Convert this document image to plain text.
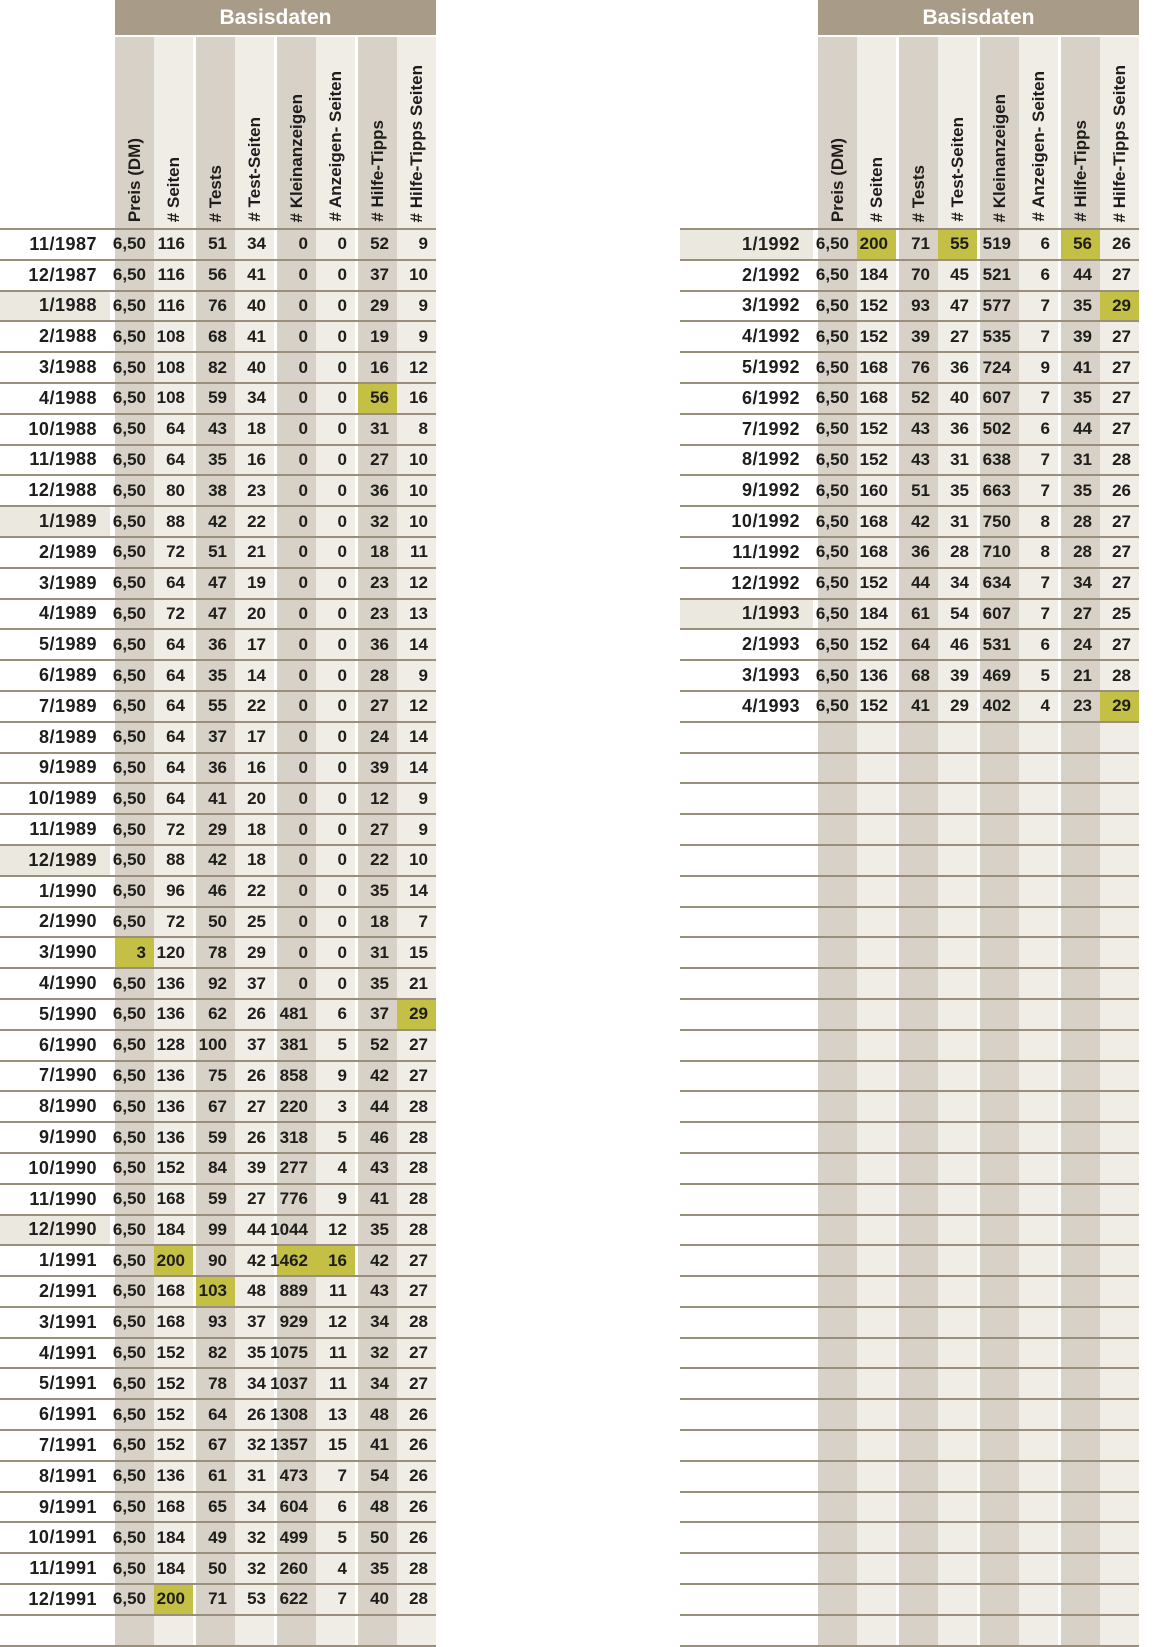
Basisdaten
Preis (DM) # Seiten # Tests # Test-Seiten # Kleinanzeigen # Anzeigen- Seiten # Hilfe-Tipps # Hilfe-Tipps Seiten
11/1987 6,50 116 51 34 0 0 52 9
12/1987 6,50 116 56 41 0 0 37 10
1/1988 6,50 116 76 40 0 0 29 9
2/1988 6,50 108 68 41 0 0 19 9
3/1988 6,50 108 82 40 0 0 16 12
4/1988 6,50 108 59 34 0 0 56 16
10/1988 6,50 64 43 18 0 0 31 8
11/1988 6,50 64 35 16 0 0 27 10
12/1988 6,50 80 38 23 0 0 36 10
1/1989 6,50 88 42 22 0 0 32 10
2/1989 6,50 72 51 21 0 0 18 11
3/1989 6,50 64 47 19 0 0 23 12
4/1989 6,50 72 47 20 0 0 23 13
5/1989 6,50 64 36 17 0 0 36 14
6/1989 6,50 64 35 14 0 0 28 9
7/1989 6,50 64 55 22 0 0 27 12
8/1989 6,50 64 37 17 0 0 24 14
9/1989 6,50 64 36 16 0 0 39 14
10/1989 6,50 64 41 20 0 0 12 9
11/1989 6,50 72 29 18 0 0 27 9
12/1989 6,50 88 42 18 0 0 22 10
1/1990 6,50 96 46 22 0 0 35 14
2/1990 6,50 72 50 25 0 0 18 7
3/1990	3 120 78 29 0 0 31 15
4/1990 6,50 136 92 37 0 0 35 21
5/1990 6,50 136 62 26 481 6 37 29
6/1990 6,50 128 100 37 381 5 52 27
7/1990 6,50 136 75 26 858 9 42 27
8/1990 6,50 136 67 27 220 3 44 28
9/1990 6,50 136 59 26 318 5 46 28
10/1990 6,50 152 84 39 277 4 43 28
11/1990 6,50 168 59 27 776 9 41 28
12/1990 6,50 184 99 44 1044 12 35 28
1/1991 6,50 200 90 42 1462 16 42 27
2/1991 6,50 168 103 48 889 11 43 27
3/1991 6,50 168 93 37 929 12 34 28
4/1991 6,50 152 82 35 1075 11 32 27
5/1991 6,50 152 78 34 1037 11 34 27
6/1991 6,50 152 64 26 1308 13 48 26
7/1991 6,50 152 67 32 1357 15 41 26
8/1991 6,50 136 61 31 473 7 54 26
9/1991 6,50 168 65 34 604 6 48 26
10/1991 6,50 184 49 32 499 5 50 26
11/1991 6,50 184 50 32 260 4 35 28
12/1991 6,50 200 71 53 622 7 40 28
Basisdaten
Preis (DM) # Seiten # Tests # Test-Seiten # Kleinanzeigen # Anzeigen- Seiten # Hilfe-Tipps # Hilfe-Tipps Seiten
1/1992 6,50 200 71 55 519 6 56 26
2/1992 6,50 184 70 45 521 6 44 27
3/1992 6,50 152 93 47 577 7 35 29
4/1992 6,50 152 39 27 535 7 39 27
5/1992 6,50 168 76 36 724 9 41 27
6/1992 6,50 168 52 40 607 7 35 27
7/1992 6,50 152 43 36 502 6 44 27
8/1992 6,50 152 43 31 638 7 31 28
9/1992 6,50 160 51 35 663 7 35 26
10/1992 6,50 168 42 31 750 8 28 27
11/1992 6,50 168 36 28 710 8 28 27
12/1992 6,50 152 44 34 634 7 34 27
1/1993 6,50 184 61 54 607 7 27 25
2/1993 6,50 152 64 46 531 6 24 27
3/1993 6,50 136 68 39 469 5 21 28
4/1993 6,50 152 41 29 402 4 23 29
